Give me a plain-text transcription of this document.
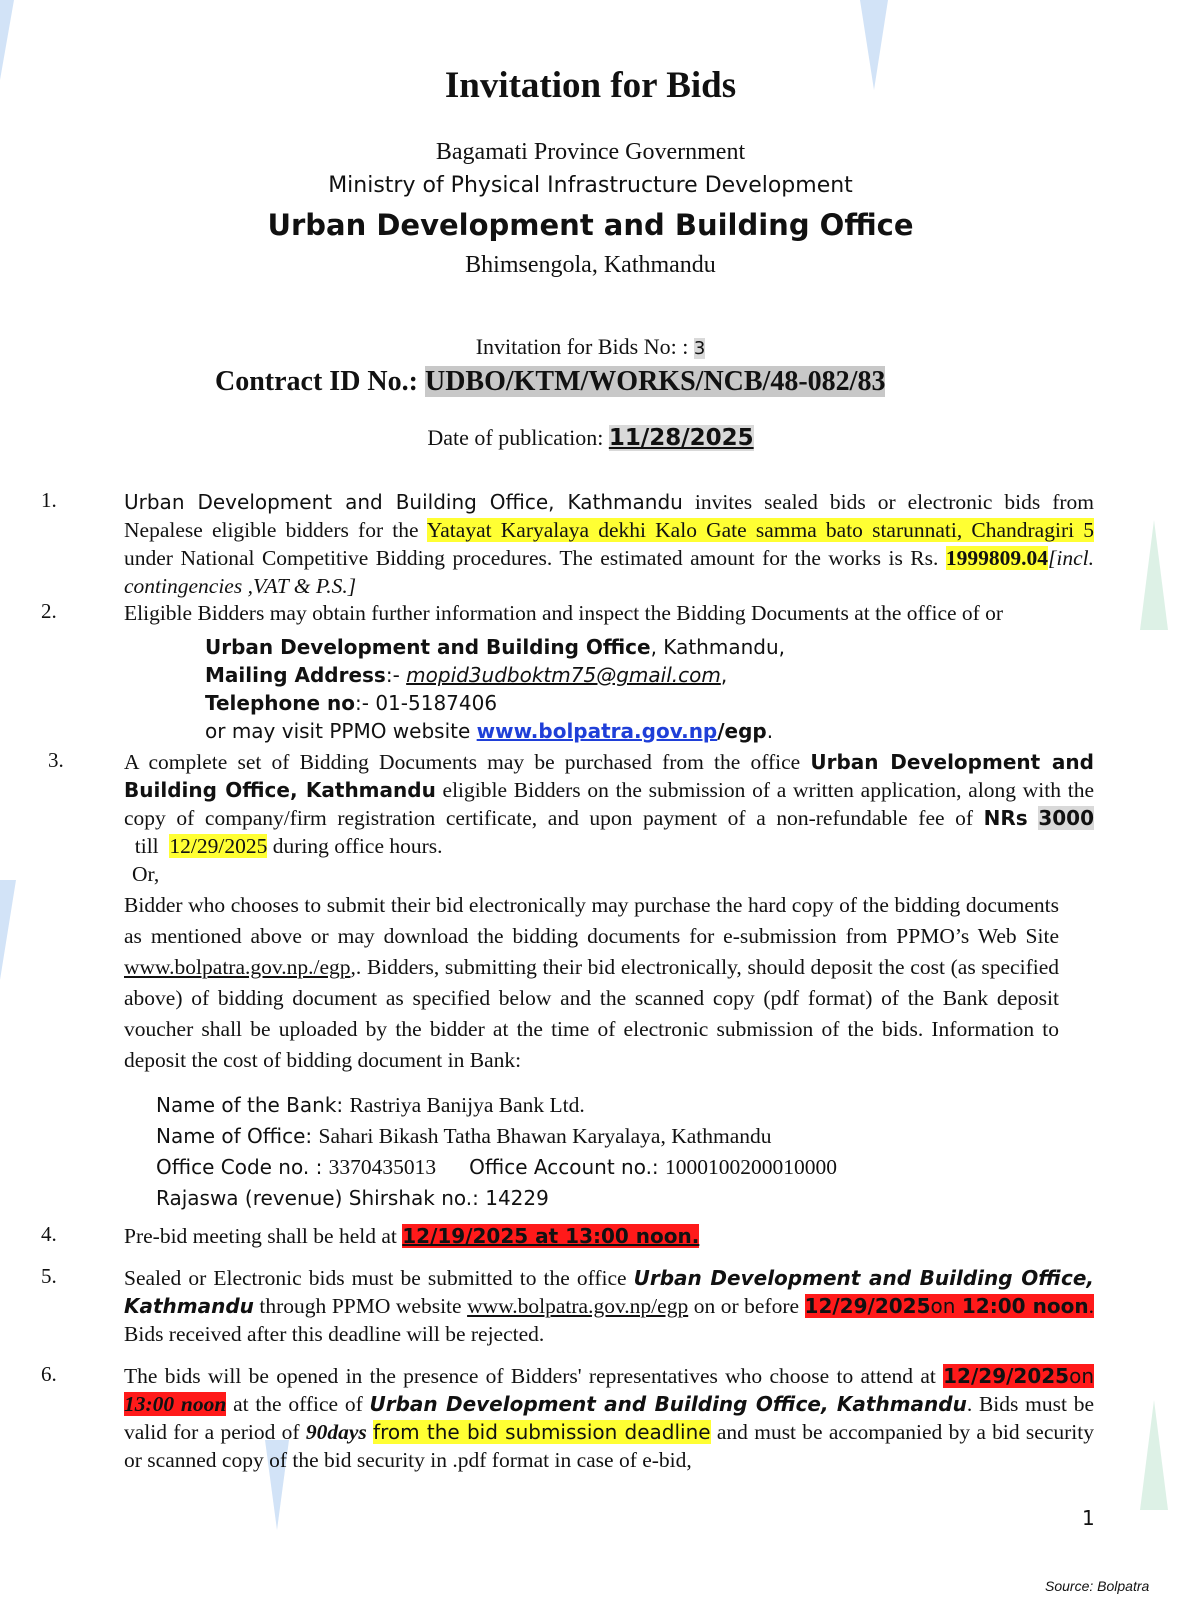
Invitation for Bids
Bagamati Province Government
Ministry of Physical Infrastructure Development
Urban Development and Building Office
Bhimsengola, Kathmandu
Invitation for Bids No: : 3
Contract ID No.: UDBO/KTM/WORKS/NCB/48-082/83
Date of publication: 11/28/2025
1.	Urban Development and Building Office, Kathmandu invites sealed bids or electronic bids from Nepalese eligible bidders for the Yatayat Karyalaya dekhi Kalo Gate samma bato starunnati, Chandragiri 5 under National Competitive Bidding procedures. The estimated amount for the works is Rs. 1999809.04[incl. contingencies ,VAT & P.S.]
2.	Eligible Bidders may obtain further information and inspect the Bidding Documents at the office of or
Urban Development and Building Office, Kathmandu,
Mailing Address:- mopid3udboktm75@gmail.com,
Telephone no:- 01-5187406
or may visit PPMO website www.bolpatra.gov.np/egp.
3.	A complete set of Bidding Documents may be purchased from the office Urban Development and Building Office, Kathmandu eligible Bidders on the submission of a written application, along with the copy of company/firm registration certificate, and upon payment of a non-refundable fee of NRs 3000  till  12/29/2025 during office hours.
Or,
Bidder who chooses to submit their bid electronically may purchase the hard copy of the bidding documents as mentioned above or may download the bidding documents for e-submission from PPMO’s Web Site www.bolpatra.gov.np./egp,. Bidders, submitting their bid electronically, should deposit the cost (as specified above) of bidding document as specified below and the scanned copy (pdf format) of the Bank deposit voucher shall be uploaded by the bidder at the time of electronic submission of the bids. Information to deposit the cost of bidding document in Bank:
Name of the Bank: Rastriya Banijya Bank Ltd.
Name of Office: Sahari Bikash Tatha Bhawan Karyalaya, Kathmandu
Office Code no. : 3370435013 Office Account no.: 1000100200010000
Rajaswa (revenue) Shirshak no.: 14229
4.	Pre-bid meeting shall be held at 12/19/2025 at 13:00 noon.
5.	Sealed or Electronic bids must be submitted to the office Urban Development and Building Office, Kathmandu through PPMO website www.bolpatra.gov.np/egp on or before 12/29/2025on 12:00 noon. Bids received after this deadline will be rejected.
6.	The bids will be opened in the presence of Bidders' representatives who choose to attend at 12/29/2025on 13:00 noon at the office of Urban Development and Building Office, Kathmandu. Bids must be valid for a period of 90days from the bid submission deadline and must be accompanied by a bid security or scanned copy of the bid security in .pdf format in case of e-bid,
1
Source: Bolpatra
